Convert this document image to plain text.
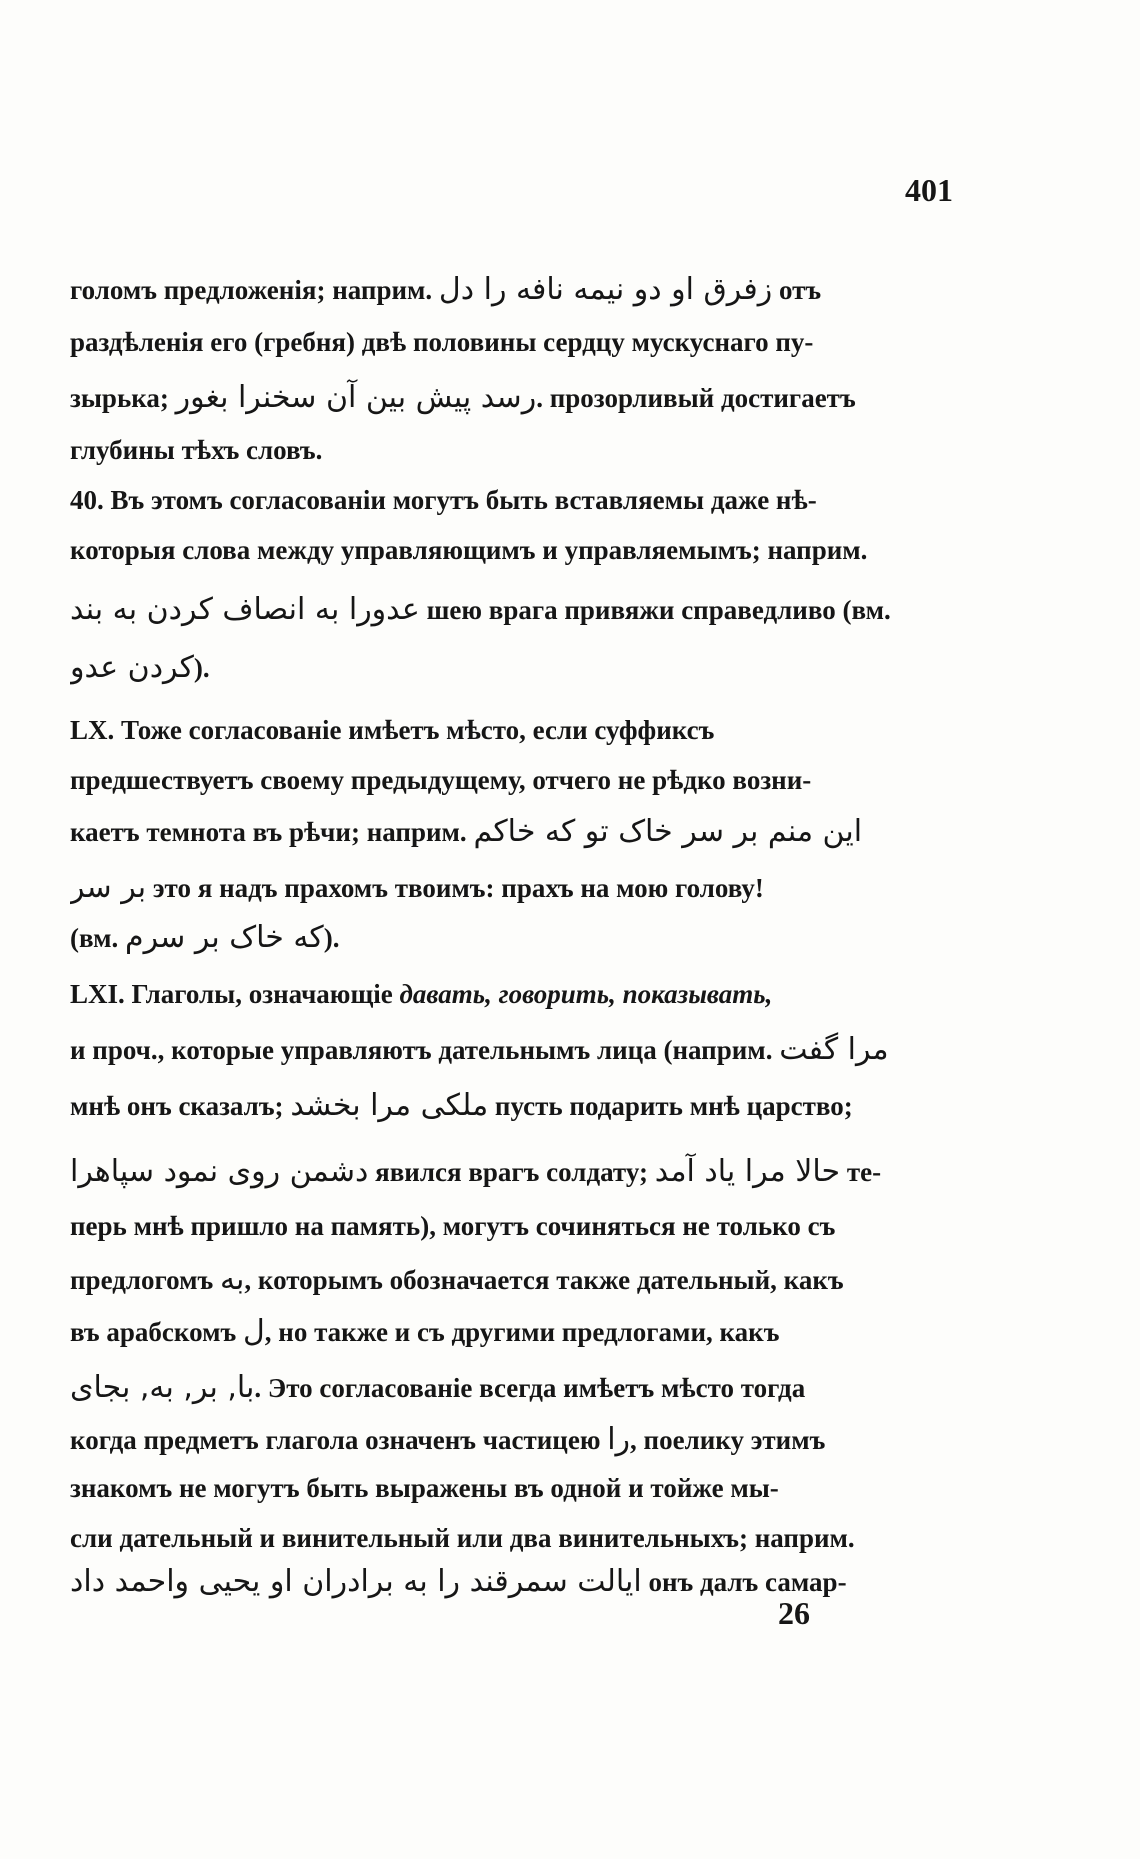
401
голомъ предложенія; наприм. زفرق او دو نیمه نافه را دل отъ
раздѣленія его (гребня) двѣ половины сердцу мускуснаго пу-
зырька; رسد پیش بین آن سخنرا بغور. прозорливый достигаетъ
глубины тѣхъ словъ.
40. Въ этомъ согласованіи могутъ быть вставляемы даже нѣ-
которыя слова между управляющимъ и управляемымъ; наприм.
عدورا به انصاف کردن به بند шею врага привяжи справедливо (вм.
کردن عدو).
LX. Тоже согласованіе имѣетъ мѣсто, если суффиксъ
предшествуетъ своему предыдущему, отчего не рѣдко возни-
каетъ темнота въ рѣчи; наприм. این منم بر سر خاک تو که خاکم
بر سر это я надъ прахомъ твоимъ: прахъ на мою голову!
(вм. که خاک بر سرم).
LXI. Глаголы, означающіе давать, говорить, показывать,
и проч., которые управляютъ дательнымъ лица (наприм. مرا گفت
мнѣ онъ сказалъ; ملکی مرا بخشد пусть подарить мнѣ царство;
دشمن روی نمود سپاهرا явился врагъ солдату; حالا مرا یاد آمد те-
перь мнѣ пришло на память), могутъ сочиняться не только съ
предлогомъ به, которымъ обозначается также дательный, какъ
въ арабскомъ ل, но также и съ другими предлогами, какъ
با, بر, به, بجای. Это согласованіе всегда имѣетъ мѣсто тогда
когда предметъ глагола означенъ частицею را, поелику этимъ
знакомъ не могутъ быть выражены въ одной и тойже мы-
сли дательный и винительный или два винительныхъ; наприм.
ایالت سمرقند را به برادران او یحیی واحمد داد онъ далъ самар-
26
